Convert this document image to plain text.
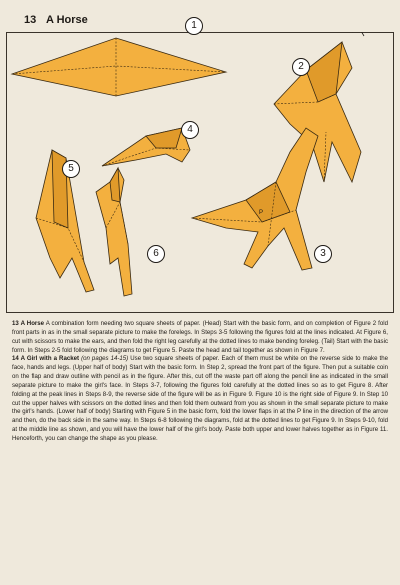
13 A Horse	1
2
4
5
6	3
P

13 A Horse A combination form needing two square sheets of paper. (Head) Start with the basic form, and on completion of Figure 2 fold front parts in as in the small separate picture to make the forelegs. In Steps 3-5 following the figures fold at the lines indicated. At Figure 6, cut with scissors to make the ears, and then fold the right leg carefully at the dotted lines to make bending foreleg. (Tail) Start with the basic form. In Steps 2-5 fold following the diagrams to get Figure 5. Paste the head and tail together as shown in Figure 7.

14 A Girl with a Racket (on pages 14-15) Use two square sheets of paper. Each of them must be white on the reverse side to make the face, hands and legs. (Upper half of body) Start with the basic form. In Step 2, spread the front part of the figure. Then put a suitable coin on the flap and draw outline with pencil as in the figure. After this, cut off the waste part off along the pencil line as indicated in the small separate picture to make the girl's face. In Steps 3-7, following the figures fold carefully at the dotted lines so as to get Figure 8. After folding at the peak lines in Steps 8-9, the reverse side of the figure will be as in Figure 9. Figure 10 is the right side of Figure 9. In Step 10 cut the upper halves with scissors on the dotted lines and then fold them outward from you as shown in the small separate picture to make the girl's hands. (Lower half of body) Starting with Figure 5 in the basic form, fold the lower flaps in at the P line in the direction of the arrow and then, do the back side in the same way. In Steps 6-8 following the diagrams, fold at the dotted lines to get Figure 9. In Steps 9-10, fold at the middle line as shown, and you will have the lower half of the girl's body. Paste both upper and lower halves together as in Figure 11. Henceforth, you can change the shape as you please.
